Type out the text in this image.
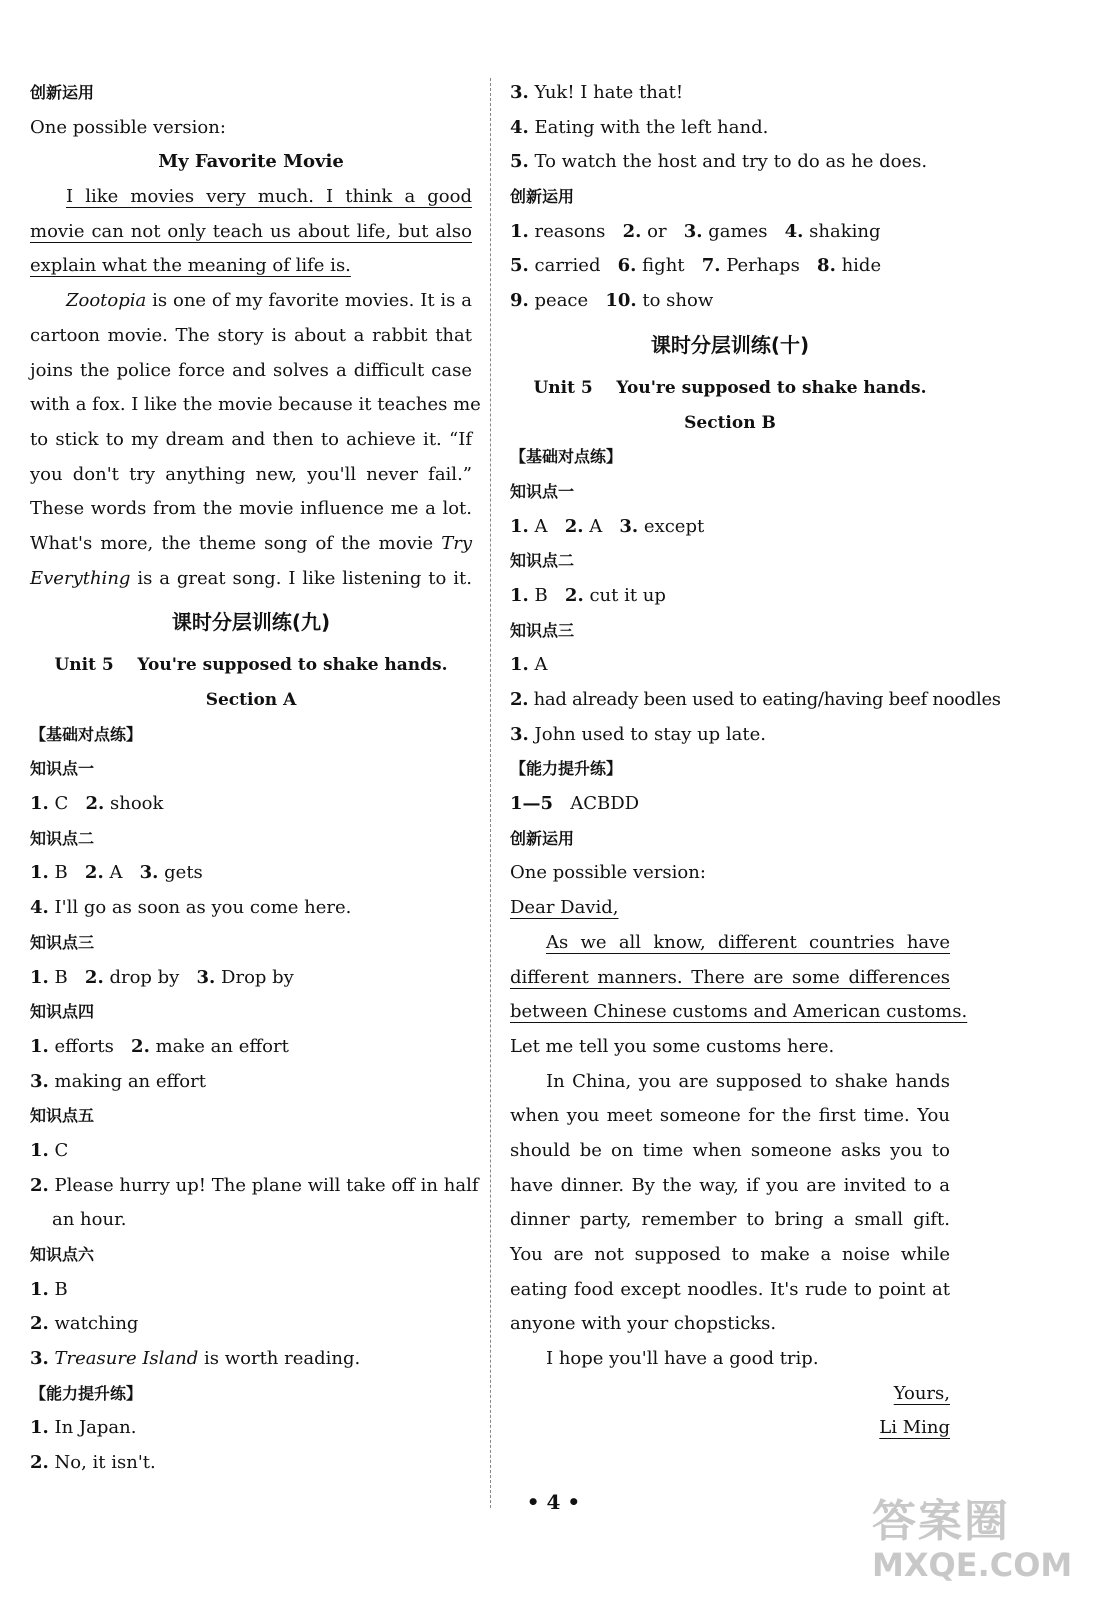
创新运用
One possible version:
My Favorite Movie
I like movies very much. I think a good
movie can not only teach us about life, but also
explain what the meaning of life is.
Zootopia is one of my favorite movies. It is a
cartoon movie. The story is about a rabbit that
joins the police force and solves a difficult case
with a fox. I like the movie because it teaches me
to stick to my dream and then to achieve it. “If
you don't try anything new, you'll never fail.”
These words from the movie influence me a lot.
What's more, the theme song of the movie Try
Everything is a great song. I like listening to it.
课时分层训练(九)
Unit 5    You're supposed to shake hands.
Section A
【基础对点练】
知识点一
1. C 2. shook
知识点二
1. B 2. A 3. gets
4. I'll go as soon as you come here.
知识点三
1. B 2. drop by 3. Drop by
知识点四
1. efforts 2. make an effort
3. making an effort
知识点五
1. C
2. Please hurry up! The plane will take off in half
an hour.
知识点六
1. B
2. watching
3. Treasure Island is worth reading.
【能力提升练】
1. In Japan.
2. No, it isn't.
3. Yuk! I hate that!
4. Eating with the left hand.
5. To watch the host and try to do as he does.
创新运用
1. reasons 2. or 3. games 4. shaking
5. carried 6. fight 7. Perhaps 8. hide
9. peace 10. to show
课时分层训练(十)
Unit 5    You're supposed to shake hands.
Section B
【基础对点练】
知识点一
1. A 2. A 3. except
知识点二
1. B 2. cut it up
知识点三
1. A
2. had already been used to eating/having beef noodles
3. John used to stay up late.
【能力提升练】
1—5 ACBDD
创新运用
One possible version:
Dear David,
As we all know, different countries have
different manners. There are some differences
between Chinese customs and American customs.
Let me tell you some customs here.
In China, you are supposed to shake hands
when you meet someone for the first time. You
should be on time when someone asks you to
have dinner. By the way, if you are invited to a
dinner party, remember to bring a small gift.
You are not supposed to make a noise while
eating food except noodles. It's rude to point at
anyone with your chopsticks.
I hope you'll have a good trip.
Yours,
Li Ming
• 4 •	答案圈
MXQE.COM
